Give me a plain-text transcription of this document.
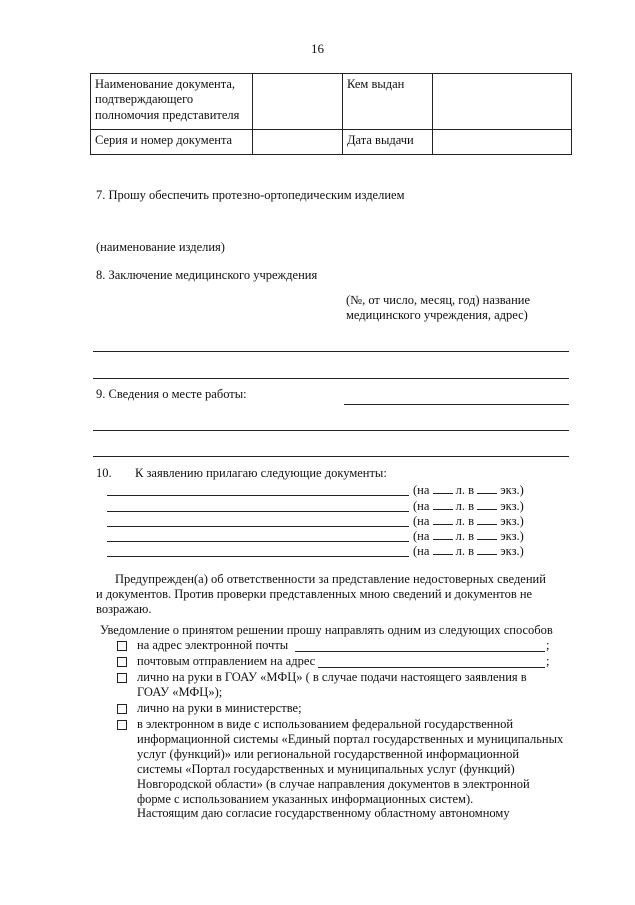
16
Наименование документа, подтверждающего полномочия представителя		Кем выдан	
Серия и номер документа		Дата выдачи	
7. Прошу обеспечить протезно-ортопедическим изделием
(наименование изделия)
8. Заключение медицинского учреждения
(№, от число, месяц, год) название
медицинского учреждения, адрес)
9. Сведения о месте работы:
10. К заявлению прилагаю следующие документы:
(на л. в экз.)
(на л. в экз.)
(на л. в экз.)
(на л. в экз.)
(на л. в экз.)
Предупрежден(а) об ответственности за представление недостоверных сведений
и документов. Против проверки представленных мною сведений и документов не
возражаю.
Уведомление о принятом решении прошу направлять одним из следующих способов
на адрес электронной почты	;
почтовым отправлением на адрес	;
лично на руки в ГОАУ «МФЦ» ( в случае подачи настоящего заявления в
ГОАУ «МФЦ»);
лично на руки в министерстве;
в электронном в виде с использованием федеральной государственной
информационной системы «Единый портал государственных и муниципальных
услуг (функций)» или региональной государственной информационной
системы «Портал государственных и муниципальных услуг (функций)
Новгородской области» (в случае направления документов в электронной
форме с использованием указанных информационных систем).
Настоящим даю согласие государственному областному автономному
